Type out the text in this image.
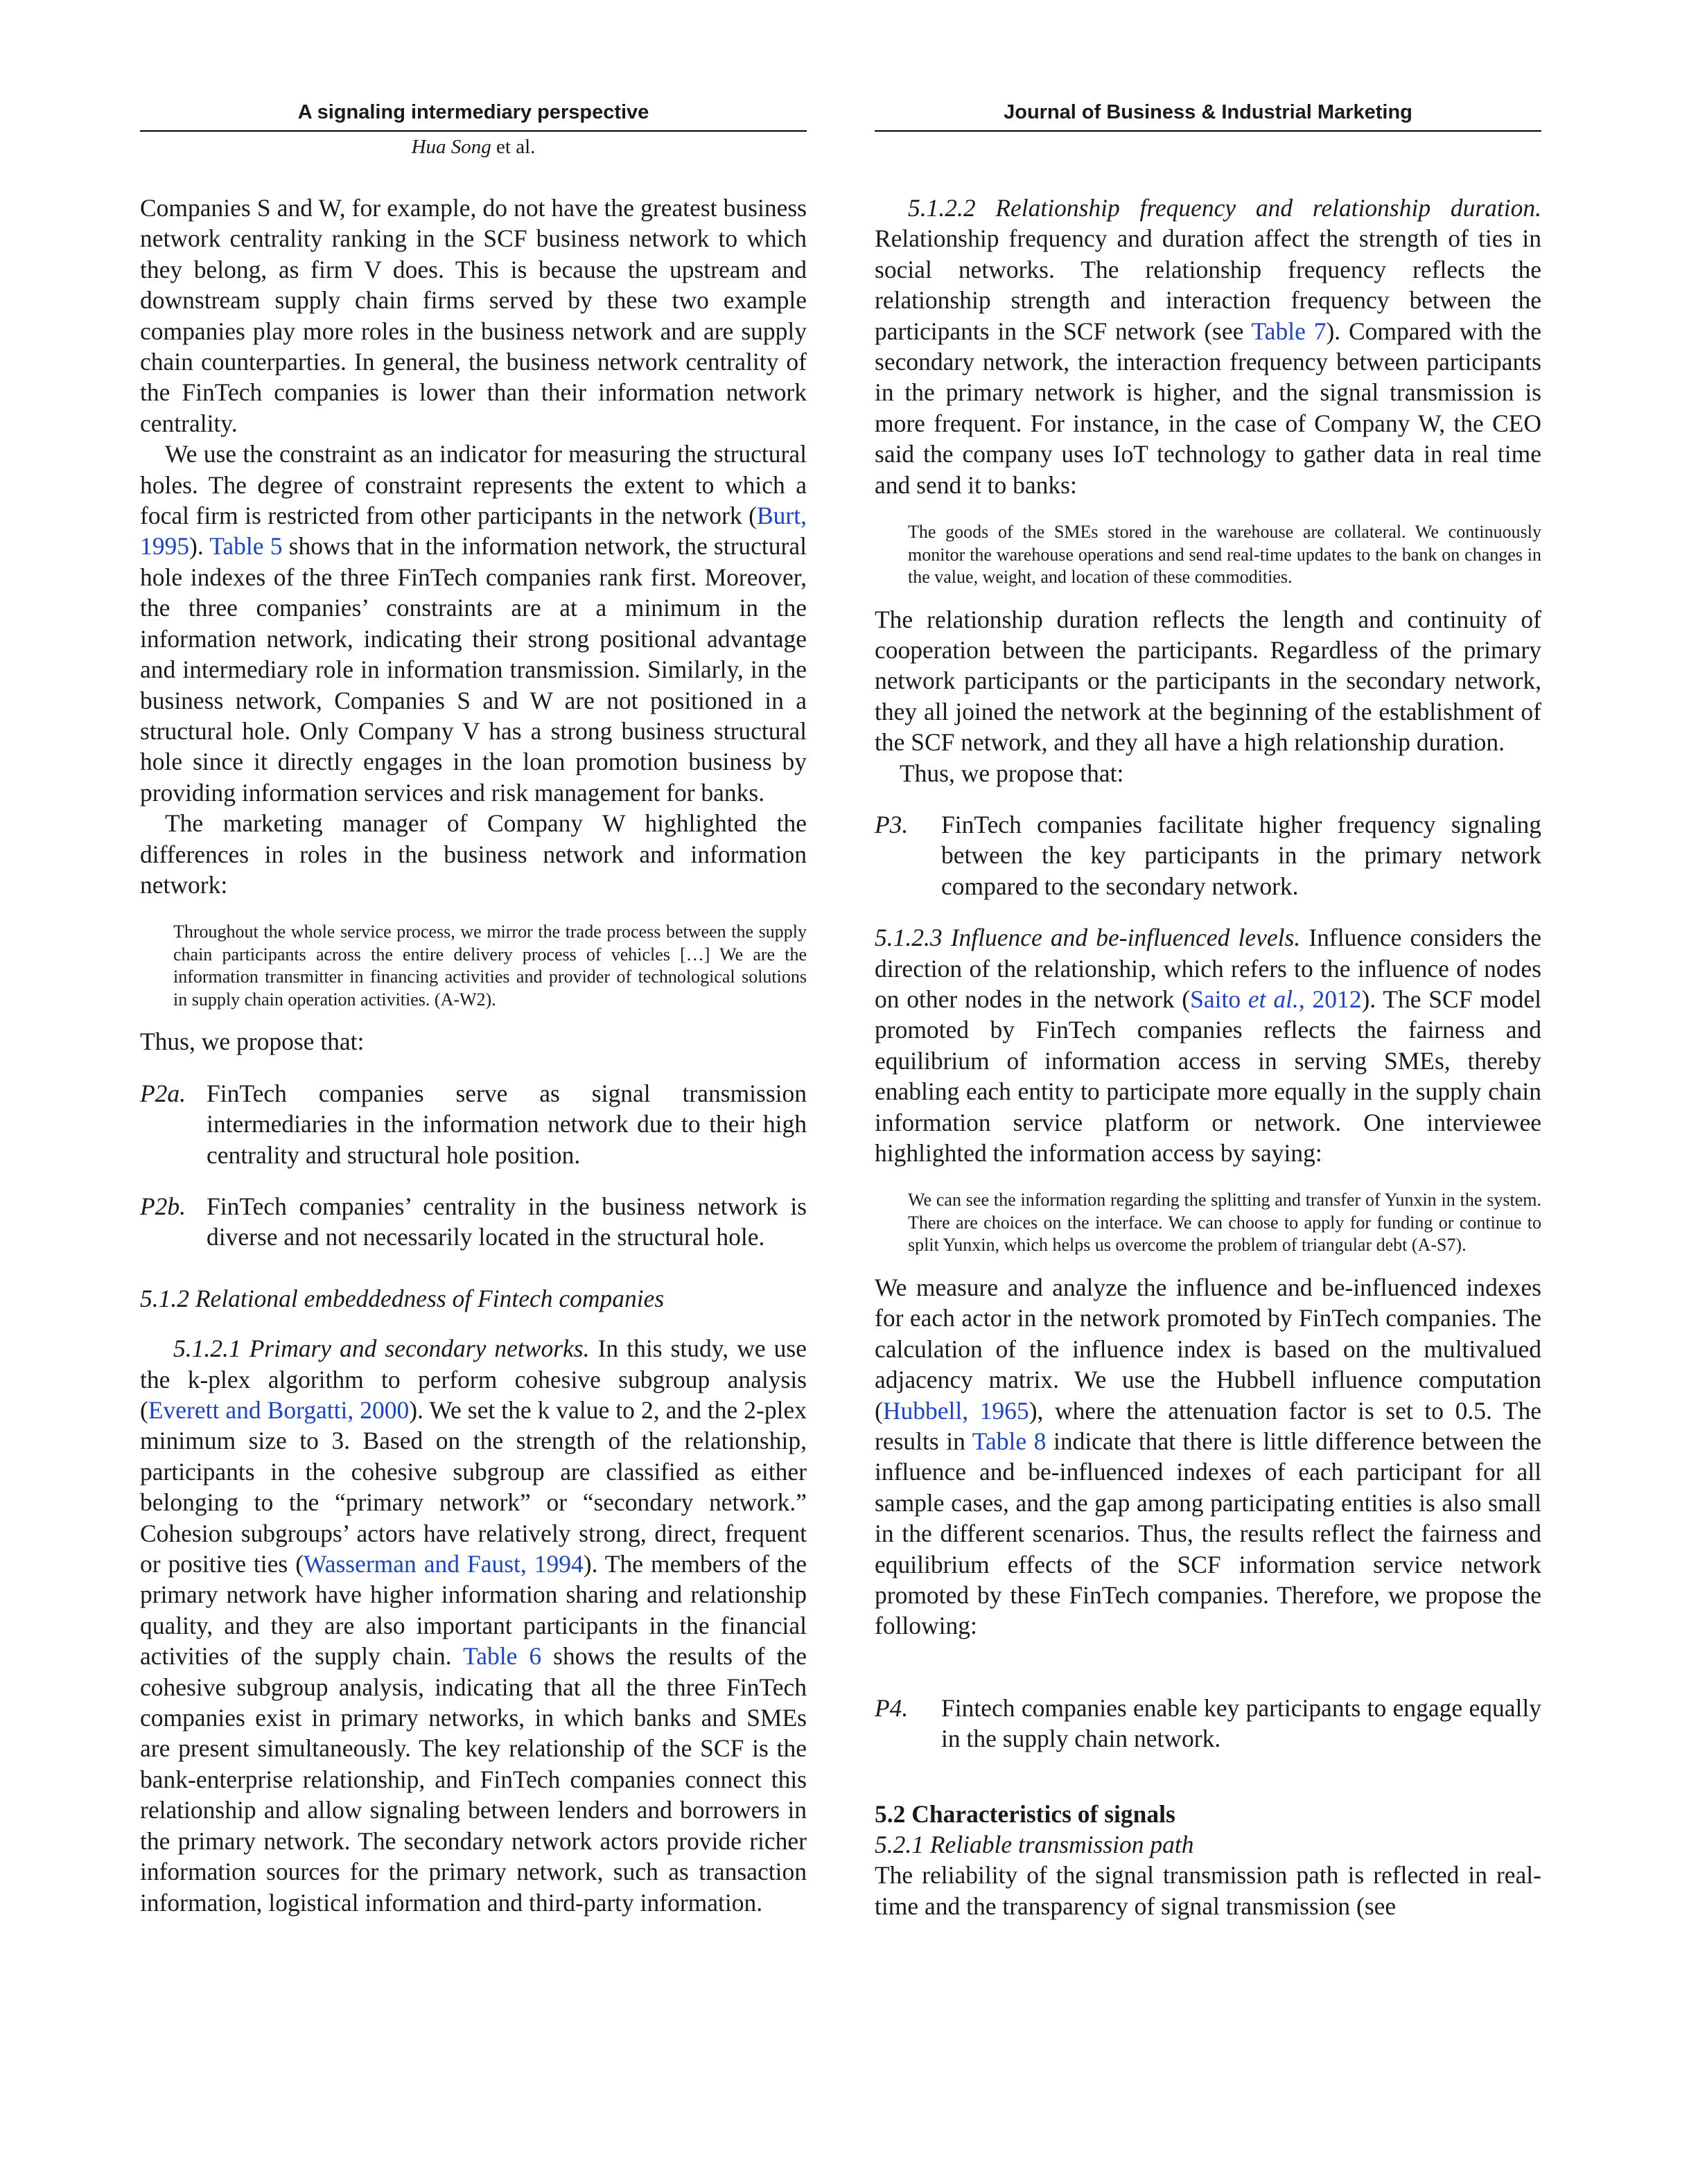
A signaling intermediary perspective	Journal of Business & Industrial Marketing
Hua Song et al.

Companies S and W, for example, do not have the greatest business network centrality ranking in the SCF business network to which they belong, as firm V does. This is because the upstream and downstream supply chain firms served by these two example companies play more roles in the business network and are supply chain counterparties. In general, the business network centrality of the FinTech companies is lower than their information network centrality.

We use the constraint as an indicator for measuring the structural holes. The degree of constraint represents the extent to which a focal firm is restricted from other participants in the network (Burt, 1995). Table 5 shows that in the information network, the structural hole indexes of the three FinTech companies rank first. Moreover, the three companies’ constraints are at a minimum in the information network, indicating their strong positional advantage and intermediary role in information transmission. Similarly, in the business network, Companies S and W are not positioned in a structural hole. Only Company V has a strong business structural hole since it directly engages in the loan promotion business by providing information services and risk management for banks.

The marketing manager of Company W highlighted the differences in roles in the business network and information network:

Throughout the whole service process, we mirror the trade process between the supply chain participants across the entire delivery process of vehicles […] We are the information transmitter in financing activities and provider of technological solutions in supply chain operation activities. (A-W2).

Thus, we propose that:

P2a. FinTech companies serve as signal transmission intermediaries in the information network due to their high centrality and structural hole position.
P2b. FinTech companies’ centrality in the business network is diverse and not necessarily located in the structural hole.
5.1.2 Relational embeddedness of Fintech companies

5.1.2.1 Primary and secondary networks. In this study, we use the k-plex algorithm to perform cohesive subgroup analysis (Everett and Borgatti, 2000). We set the k value to 2, and the 2-plex minimum size to 3. Based on the strength of the relationship, participants in the cohesive subgroup are classified as either belonging to the “primary network” or “secondary network.” Cohesion subgroups’ actors have relatively strong, direct, frequent or positive ties (Wasserman and Faust, 1994). The members of the primary network have higher information sharing and relationship quality, and they are also important participants in the financial activities of the supply chain. Table 6 shows the results of the cohesive subgroup analysis, indicating that all the three FinTech companies exist in primary networks, in which banks and SMEs are present simultaneously. The key relationship of the SCF is the bank-enterprise relationship, and FinTech companies connect this relationship and allow signaling between lenders and borrowers in the primary network. The secondary network actors provide richer information sources for the primary network, such as transaction information, logistical information and third-party information.

5.1.2.2 Relationship frequency and relationship duration. Relationship frequency and duration affect the strength of ties in social networks. The relationship frequency reflects the relationship strength and interaction frequency between the participants in the SCF network (see Table 7). Compared with the secondary network, the interaction frequency between participants in the primary network is higher, and the signal transmission is more frequent. For instance, in the case of Company W, the CEO said the company uses IoT technology to gather data in real time and send it to banks:

The goods of the SMEs stored in the warehouse are collateral. We continuously monitor the warehouse operations and send real-time updates to the bank on changes in the value, weight, and location of these commodities.

The relationship duration reflects the length and continuity of cooperation between the participants. Regardless of the primary network participants or the participants in the secondary network, they all joined the network at the beginning of the establishment of the SCF network, and they all have a high relationship duration.

Thus, we propose that:

P3.	FinTech companies facilitate higher frequency signaling between the key participants in the primary network compared to the secondary network.

5.1.2.3 Influence and be-influenced levels. Influence considers the direction of the relationship, which refers to the influence of nodes on other nodes in the network (Saito et al., 2012). The SCF model promoted by FinTech companies reflects the fairness and equilibrium of information access in serving SMEs, thereby enabling each entity to participate more equally in the supply chain information service platform or network. One interviewee highlighted the information access by saying:

We can see the information regarding the splitting and transfer of Yunxin in the system. There are choices on the interface. We can choose to apply for funding or continue to split Yunxin, which helps us overcome the problem of triangular debt (A-S7).

We measure and analyze the influence and be-influenced indexes for each actor in the network promoted by FinTech companies. The calculation of the influence index is based on the multivalued adjacency matrix. We use the Hubbell influence computation (Hubbell, 1965), where the attenuation factor is set to 0.5. The results in Table 8 indicate that there is little difference between the influence and be-influenced indexes of each participant for all sample cases, and the gap among participating entities is also small in the different scenarios. Thus, the results reflect the fairness and equilibrium effects of the SCF information service network promoted by these FinTech companies. Therefore, we propose the following:

P4.	Fintech companies enable key participants to engage equally in the supply chain network.
5.2 Characteristics of signals
5.2.1 Reliable transmission path

The reliability of the signal transmission path is reflected in real-time and the transparency of signal transmission (see
